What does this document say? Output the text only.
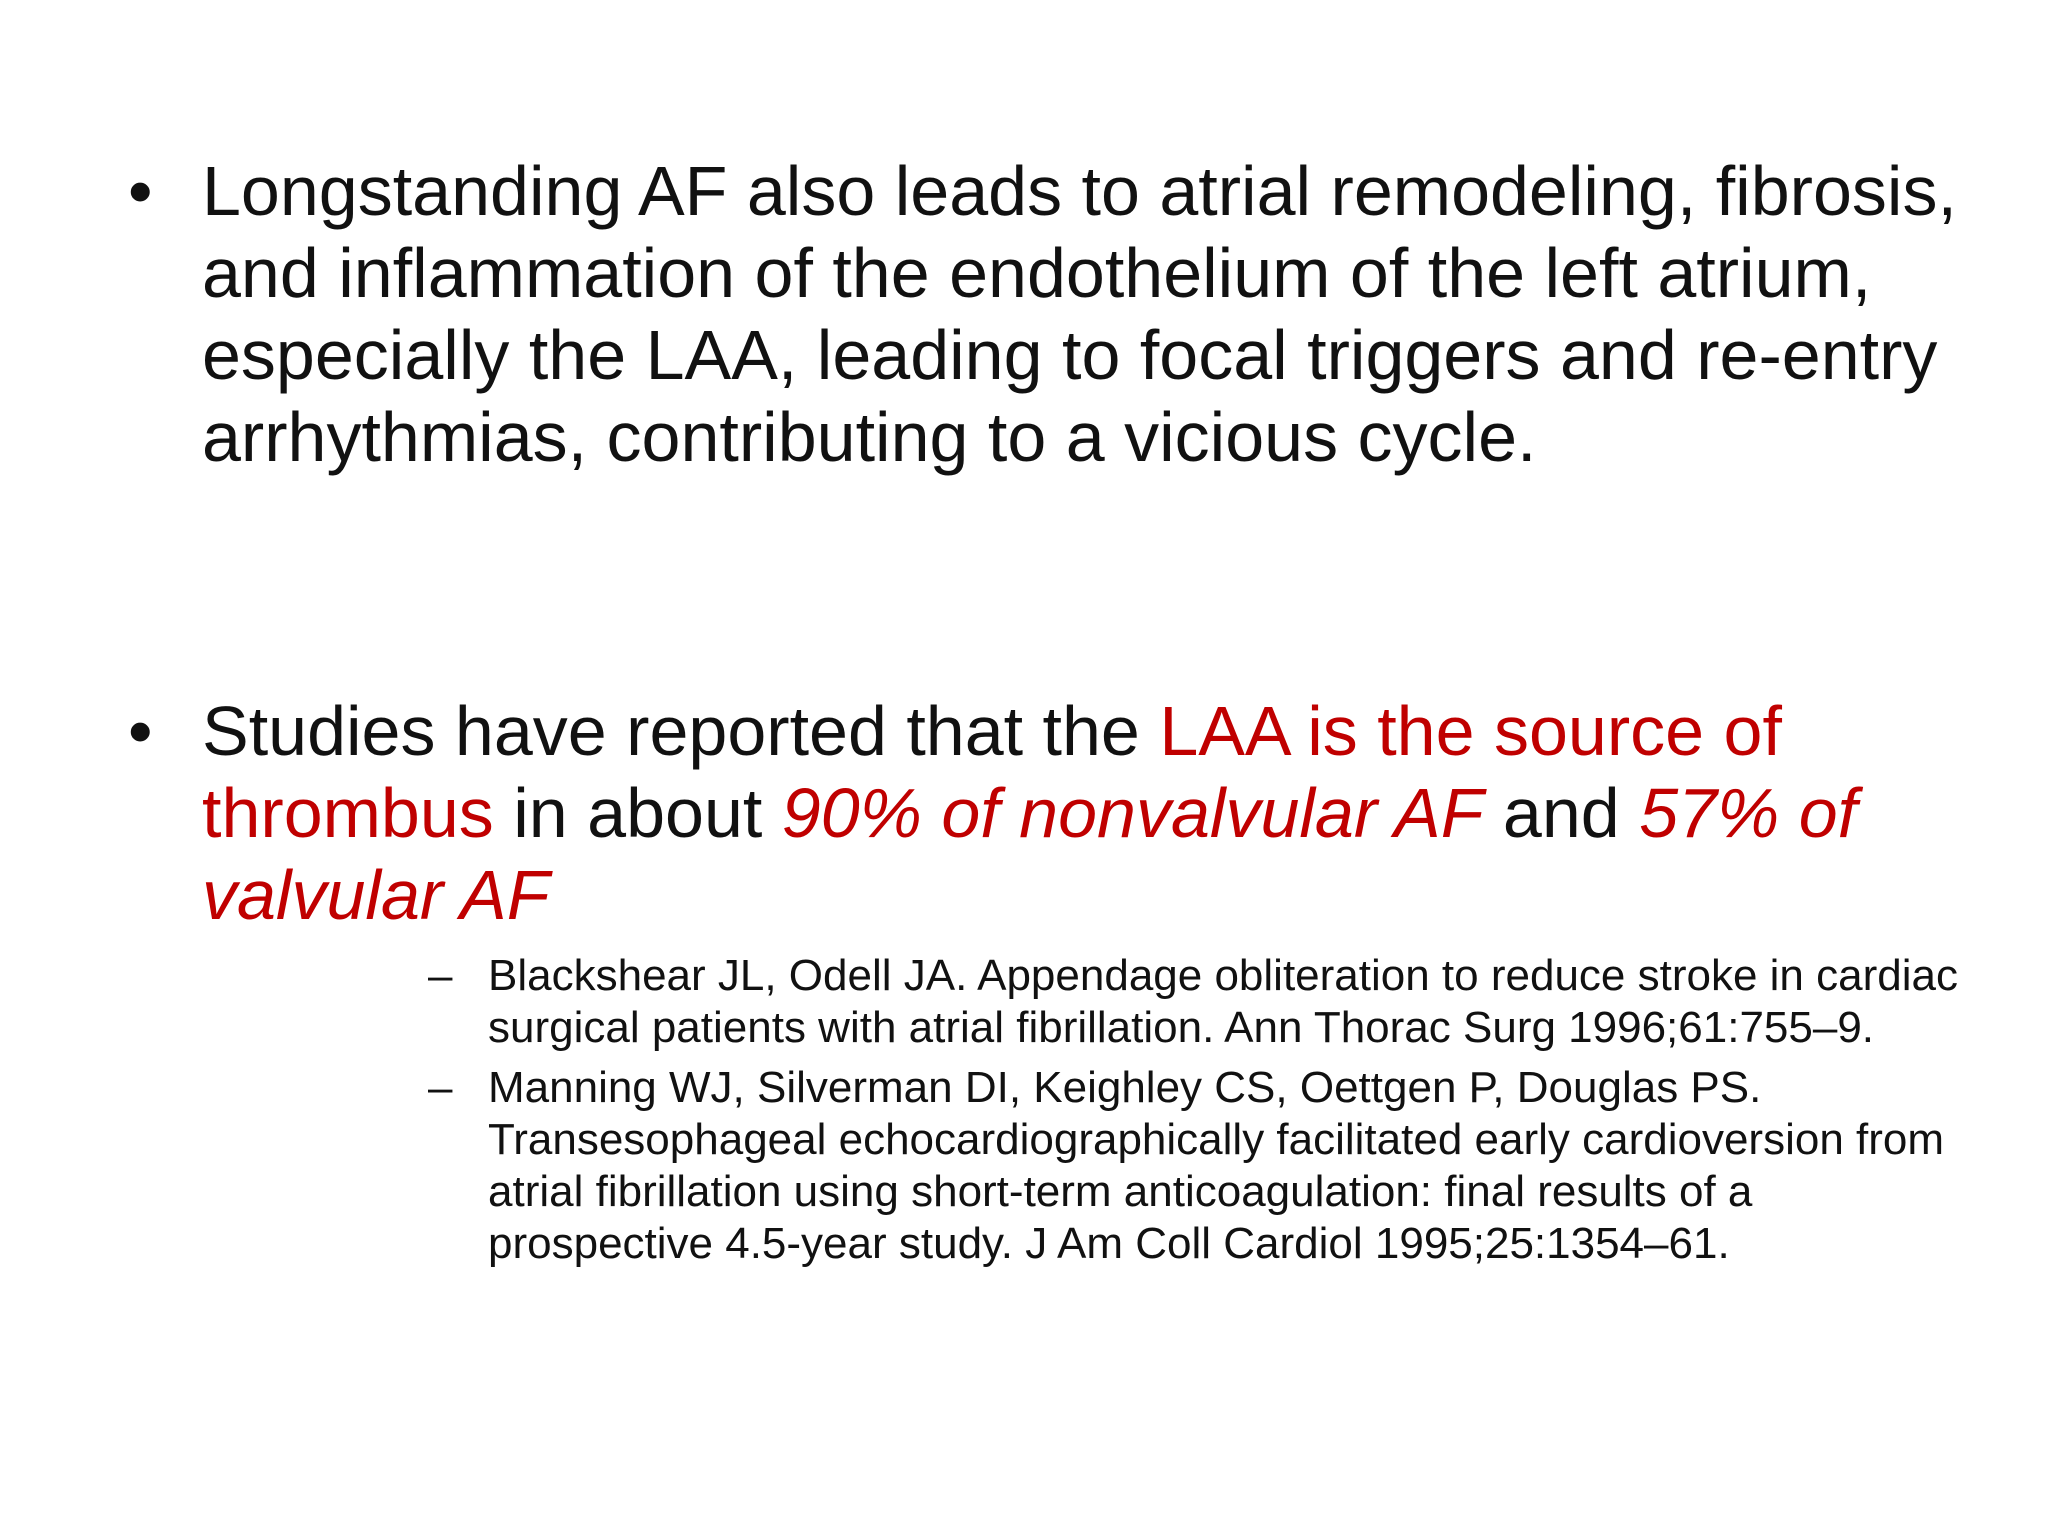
• Longstanding AF also leads to atrial remodeling, fibrosis, and inflammation of the endothelium of the left atrium, especially the LAA, leading to focal triggers and re-entry arrhythmias, contributing to a vicious cycle.
• Studies have reported that the LAA is the source of thrombus in about 90% of nonvalvular AF and 57% of valvular AF
– Blackshear JL, Odell JA. Appendage obliteration to reduce stroke in cardiac surgical patients with atrial fibrillation. Ann Thorac Surg 1996;61:755–9.
– Manning WJ, Silverman DI, Keighley CS, Oettgen P, Douglas PS. Transesophageal echocardiographically facilitated early cardioversion from atrial fibrillation using short-term anticoagulation: final results of a prospective 4.5-year study. J Am Coll Cardiol 1995;25:1354–61.
